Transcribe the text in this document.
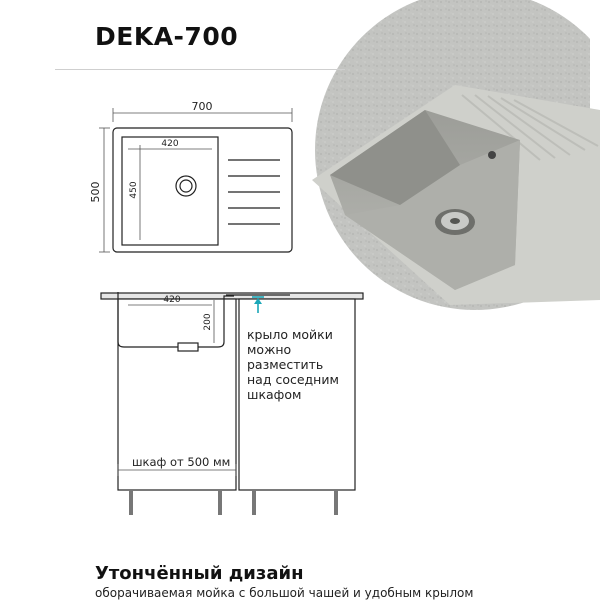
DEKA-700
700
500
420
450
420
200
крыло мойки
можно
разместить
над соседним
шкафом
шкаф от 500 мм
Утончённый дизайн
оборачиваемая мойка с большой чашей и удобным крылом
